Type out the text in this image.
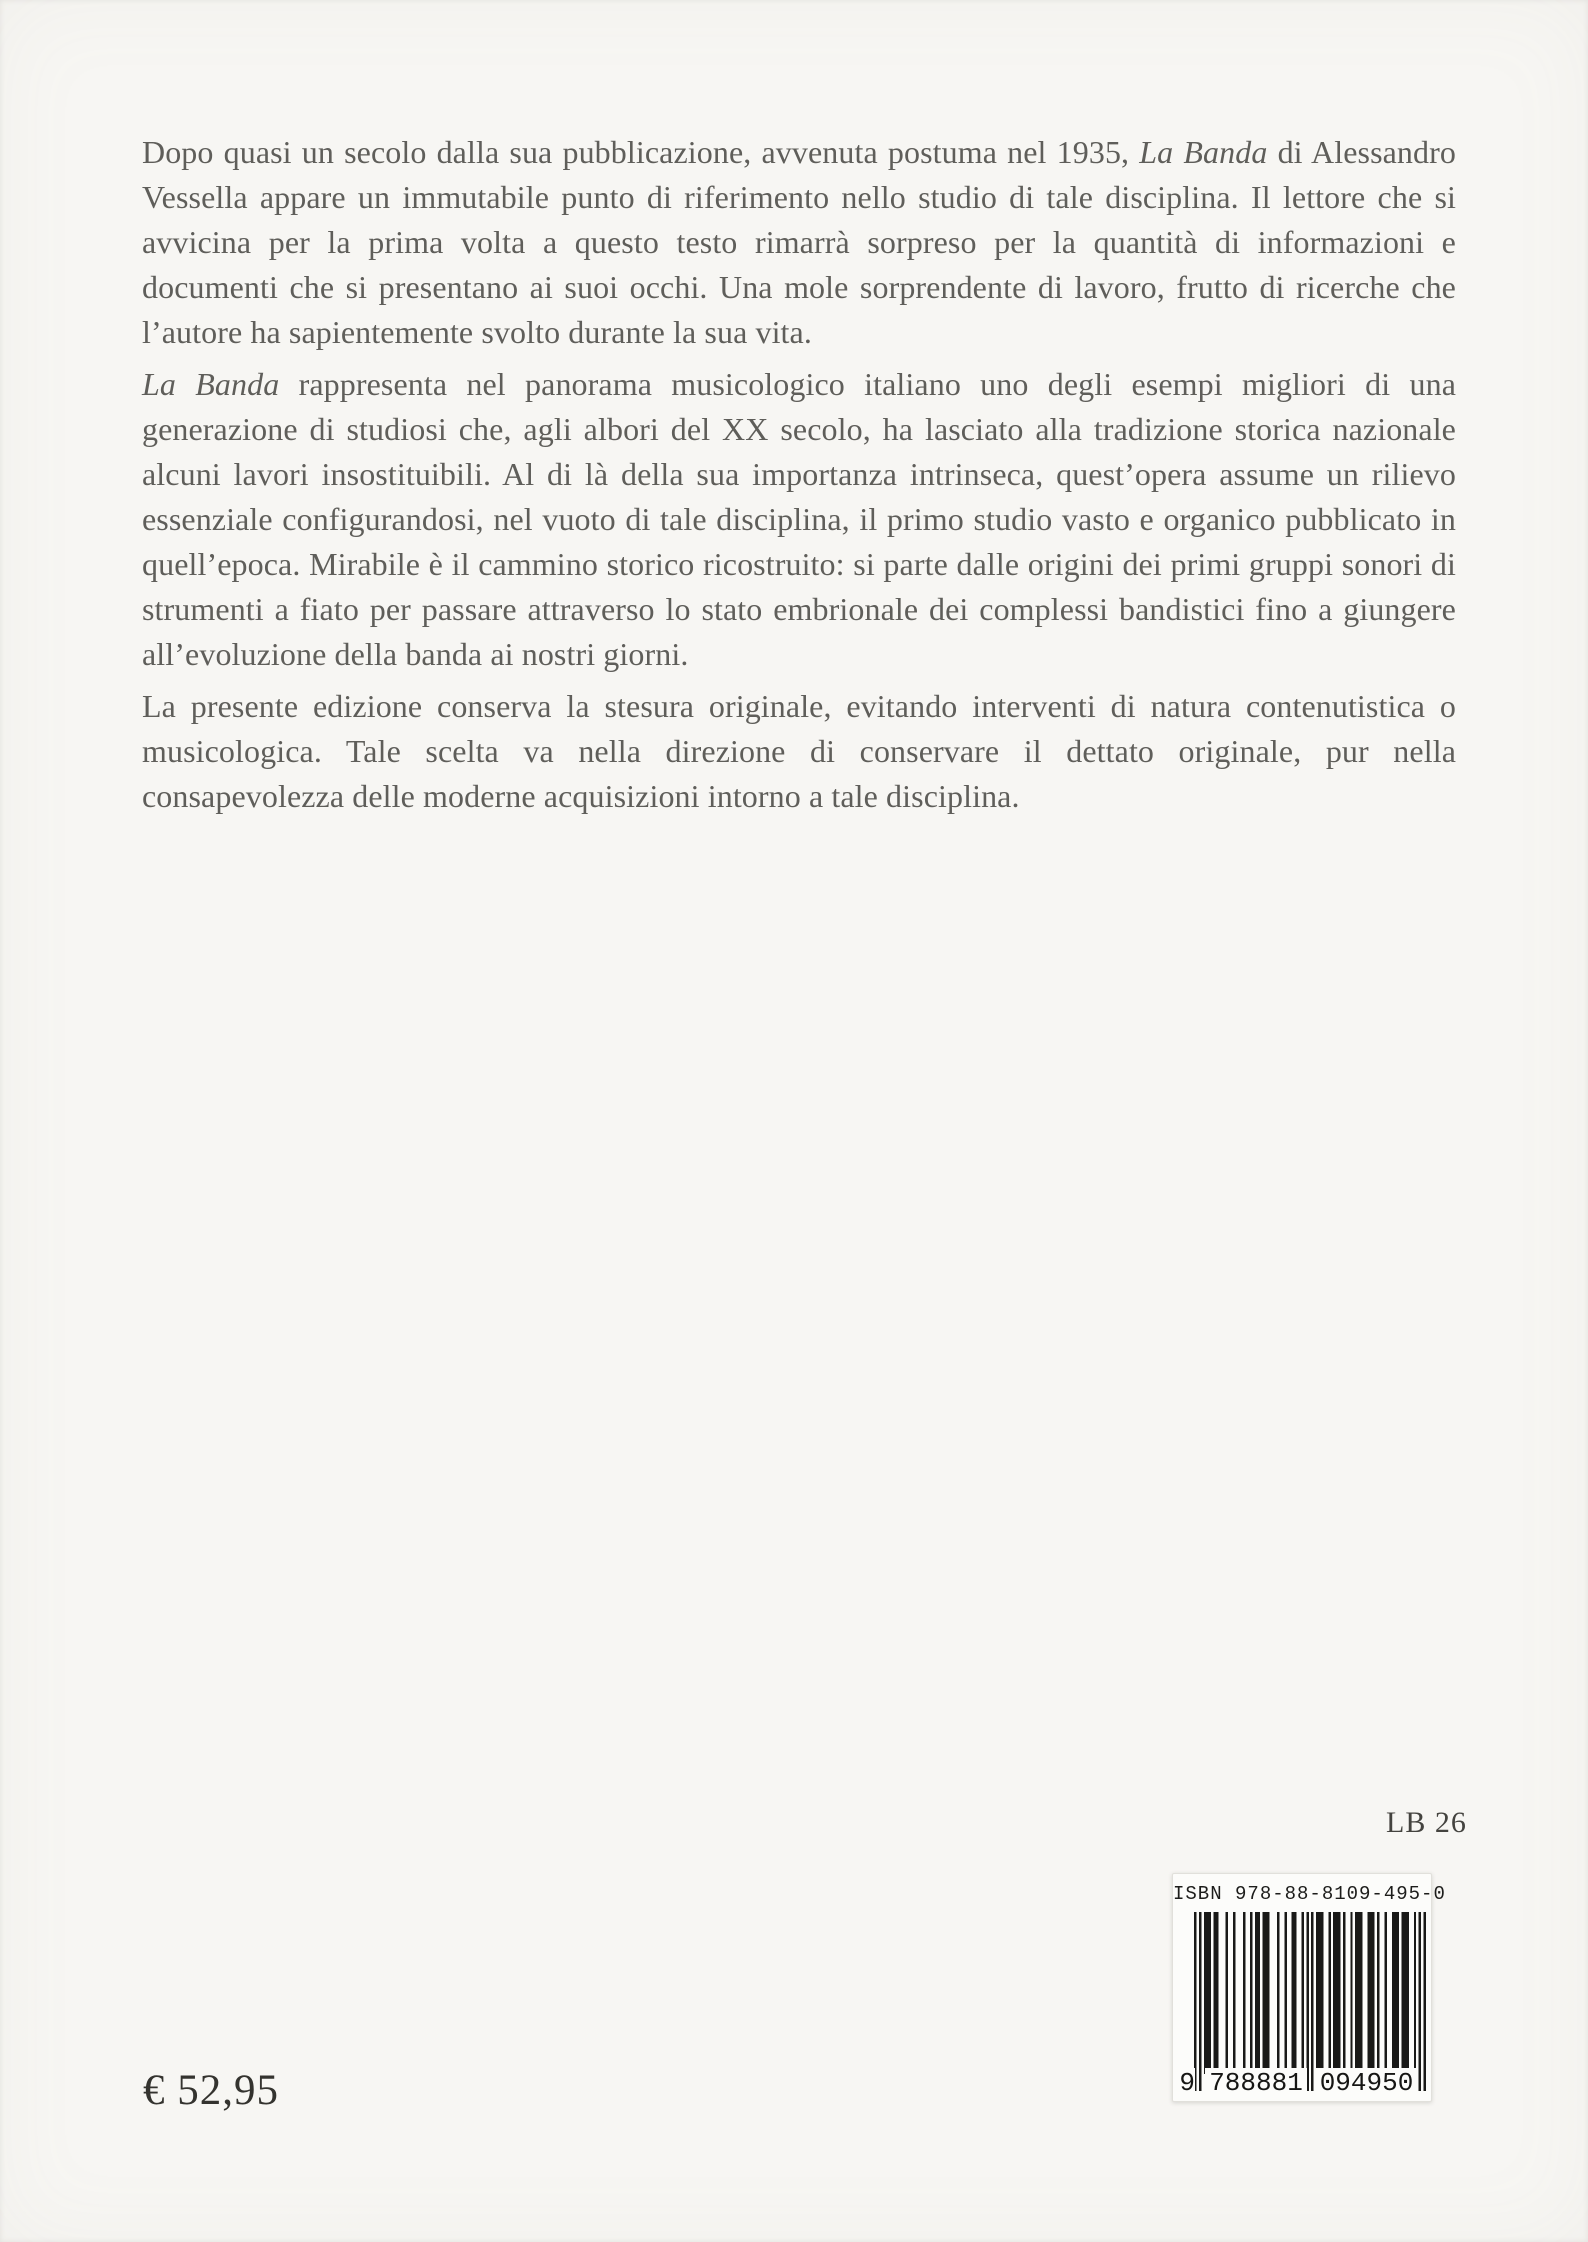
Dopo quasi un secolo dalla sua pubblicazione, avvenuta postuma nel 1935, La Banda di Alessandro Vessella appare un immutabile punto di riferimento nello studio di tale disciplina. Il lettore che si avvicina per la prima volta a questo testo rimarrà sorpreso per la quantità di informazioni e documenti che si presentano ai suoi occhi. Una mole sorprendente di lavoro, frutto di ricerche che l’autore ha sapientemente svolto durante la sua vita.

La Banda rappresenta nel panorama musicologico italiano uno degli esempi migliori di una generazione di studiosi che, agli albori del XX secolo, ha lasciato alla tradizione storica nazionale alcuni lavori insostituibili. Al di là della sua importanza intrinseca, quest’opera assume un rilievo essenziale configurandosi, nel vuoto di tale disciplina, il primo studio vasto e organico pubblicato in quell’epoca. Mirabile è il cammino storico ricostruito: si parte dalle origini dei primi gruppi sonori di strumenti a fiato per passare attraverso lo stato embrionale dei complessi bandistici fino a giungere all’evoluzione della banda ai nostri giorni.

La presente edizione conserva la stesura originale, evitando interventi di natura contenutistica o musicologica. Tale scelta va nella direzione di conservare il dettato originale, pur nella consapevolezza delle moderne acquisizioni intorno a tale disciplina.

LB 26
ISBN 978-88-8109-495-0
9 788881 094950
€ 52,95
